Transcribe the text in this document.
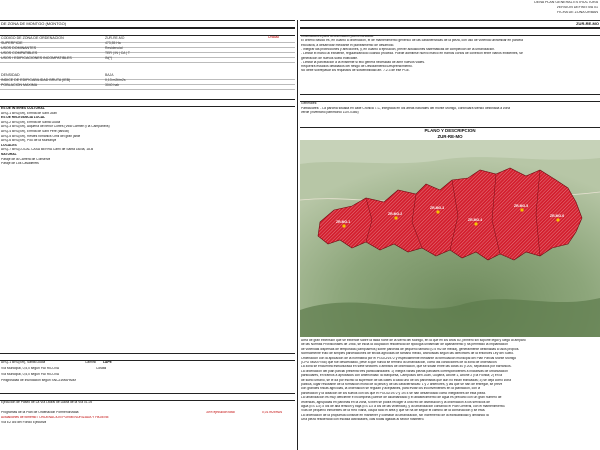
DENA PLAN GENERAL ESTRUCTURA
VERSION DEFINITIVA 01
FICHA DE ZONA URBAN
DE ZONA DE MONTGO (MONTGO)	ZUR-RE-MO
Unidad
CODIGO DE ZONA DE ORDENACION	ZUR-RE-MO
SUPERFICIE	473,55 Ha
USOS DOMINANTES	Residencial
USOS COMPATIBLES	TER | IN | CA | T
USOS / EDIFICACIONES INCOMPATIBLES	IN(*)
DENSIDAD	BAJA
INDICE DE EDIFICABILIDAD BRUTA (IEB)	0,13 m2t/m2s
POBLACION MAXIMA	3040 hab
ES DE INTERES CULTURAL
ARQ-1 BRL(BR), Ermita de Sant Joan
ES DE RELEVANCIA LOCAL
ARQ-2 BRL(BR), Ermita de Santa Llúcia
ARQ-3 BRL(BR), Alquería del tenor Cortés (Villa Carmen y la Campanera)
ARQ-4 BRL(BR), Ermita de Sant Pere (tancat)
ARQ-5 BRL(BR), Restes romànics Omil del gran jardé
ARQ-6 BRL(BR), Pou de la Muntanya
LOCALES
ARQ-7 BRL(LOCAL CASA BERRA Camí de Santa Llúcia, 18-B
NATURAL
Paraje de la Carrera de Conserva
Paraje de Los Cavallerets
ARQ-1 BRL(BR), Santa Llúcia	Camino LAPE
Vía Municipal, 0,5,0 según PATRICOVA	Costas
Vía Municipal, 0,5,0 según PATRICOVA
Peligrosidad de Inundación según SNCZI/MAPAMA
Ejecución de Paseo de La Vía Litoral de Llavia de la Vía 01-05
Programas de la Plan de Ordenación Pormenorizada	30% ejecución total	0,01 m2t/m2s
Actuaciones de fomento / ORDENACION PORMENORIZADA Y HIGIENE
Vía EZ a/c del Fondo Ejecutiva
Ordenaciones para la ordenación pormenorizada:
El criterio básico es, en cuanto a ordenación, el de mantenimiento genérico de las características de la pieza, con uso de vivienda unifamiliar en parcela
exclusiva, a desarrollar mediante el planeamiento de desarrollo.
- Integrar las protecciones y afecciones, y, en cuanto a ejecución, prever actuaciones sistemáticas de compleción de la urbanización.
- Limitar el marco al existente, regularizándolo cuando proceda. Puede admitirse nuevo marco en tramos cortos de conexión entre viarios existentes, sin
generación de nuevos suelo edificable.
- Limitar la parcelación a la existente si ello genera necesidad de abrir nuevos viales.
Requerirá estudios detallados del riesgo de Deslizamiento/Desprendimiento.
No debe sobrepasar los requisitos de sostenibilidad art. 7.2.3 de ese PGE.
Generales:
Particulares: - La parcela situada en calle Crónica 7-C, integrada en los áreas naturales del monte Montgó, continuará siendo destinada a zona
verde (inventario patrimonio LDV-0386)
PLANO Y DESCRIPCION
ZUR-RE-MO
ZR-MO-1
ZR-MO-2
ZR-MO-3
ZR-MO-4
ZR-MO-5
ZR-MO-6
Área de gran extensión que se extiende sobre la falda norte de la sierra del Montgó, en la que en los años 60, primero sin soporte legal y luego al amparo
de las Normas Provisionales de 1966, se inicia la ocupación residencial de tipología unifamiliar de apartamento y ha permitido la implantación
de viviendas dispersas de temporada (campuseros) sobre parcelas de pequeño tamaño (0.5 m2 de media), generalmente destinadas a usos propios.
Normalmente fruto de simples parcelaciones de fincas agrícolas de tamaño medio, archivadas según las directrices de la entonces Ley del Suelo.
Ordenación con la aplicación de la normativa por el PGOU/1972 y especialmente mediante la formulación municipal del Plan Parcial Monte Montgó
(CPU 5MAXY/68) que fue desarrollado, pese a que nunca se terminó la urbanización, como las condiciones de la zona de ordenación.
La zona se encuentra estructurada en siete sectores o ámbitos de ordenación, que se sitúan entre las cotas 40 y 200, separados por barrancos.
La ordenación del plan parcial presenta tres particularidades: 1) Integra varias piezas parciales correspondientes a iniciativas de urbanización
particulares, en tramos a aprobados con anterioridad: la Marquesa, Campusos Ben Juan, Guijarra, Abone 1, Abone 2 y la Florida; 2) en la
de suelo urbano, se le da por escrito la superficie de las calles a cada uno de los parcelistas que aun no están edificadas; 3) se deja como zona
pública, lugar resultante de la formación moral de la pieza y de las características: 1 y 2 anteriores, y las que se han de entregar, se prevé
con grandes fincas agrícolas, la ordenación se regulan y aceptables, para evitar los inconvenientes en la plantación, con la
parcelación y la dotación de los suelos con los que el PGOU/1972 y 1974 se han desarrollado como integrantes de esta pieza.
La urbanización es muy deficiente e incompleta (carece de alcantarillado y el abastecimiento de agua es precario con un gran número de
viviendas, agrupadas en parcelas en la zona, si bien se podrá recoger a una red de distribución y la ordenación a los servicios de
agua (ES 1/2) o los de alta tensión y baja (ES 1/2 a los de las viviendas), y la urbanización contando el Plan General, con el mantenimiento.
Vías de pequeño inmuebles de la Red Viaria, ocupa todo el área y que se ha de seguir el camino de la construcción y se está.
La ordenación de la propuesta consiste en mantener y colmatar la urbanización, sin incremento de la edificabilidad y limitando la
Una pieza residencial con escasa actividades, casi todas ligadas al sector hostelero.
